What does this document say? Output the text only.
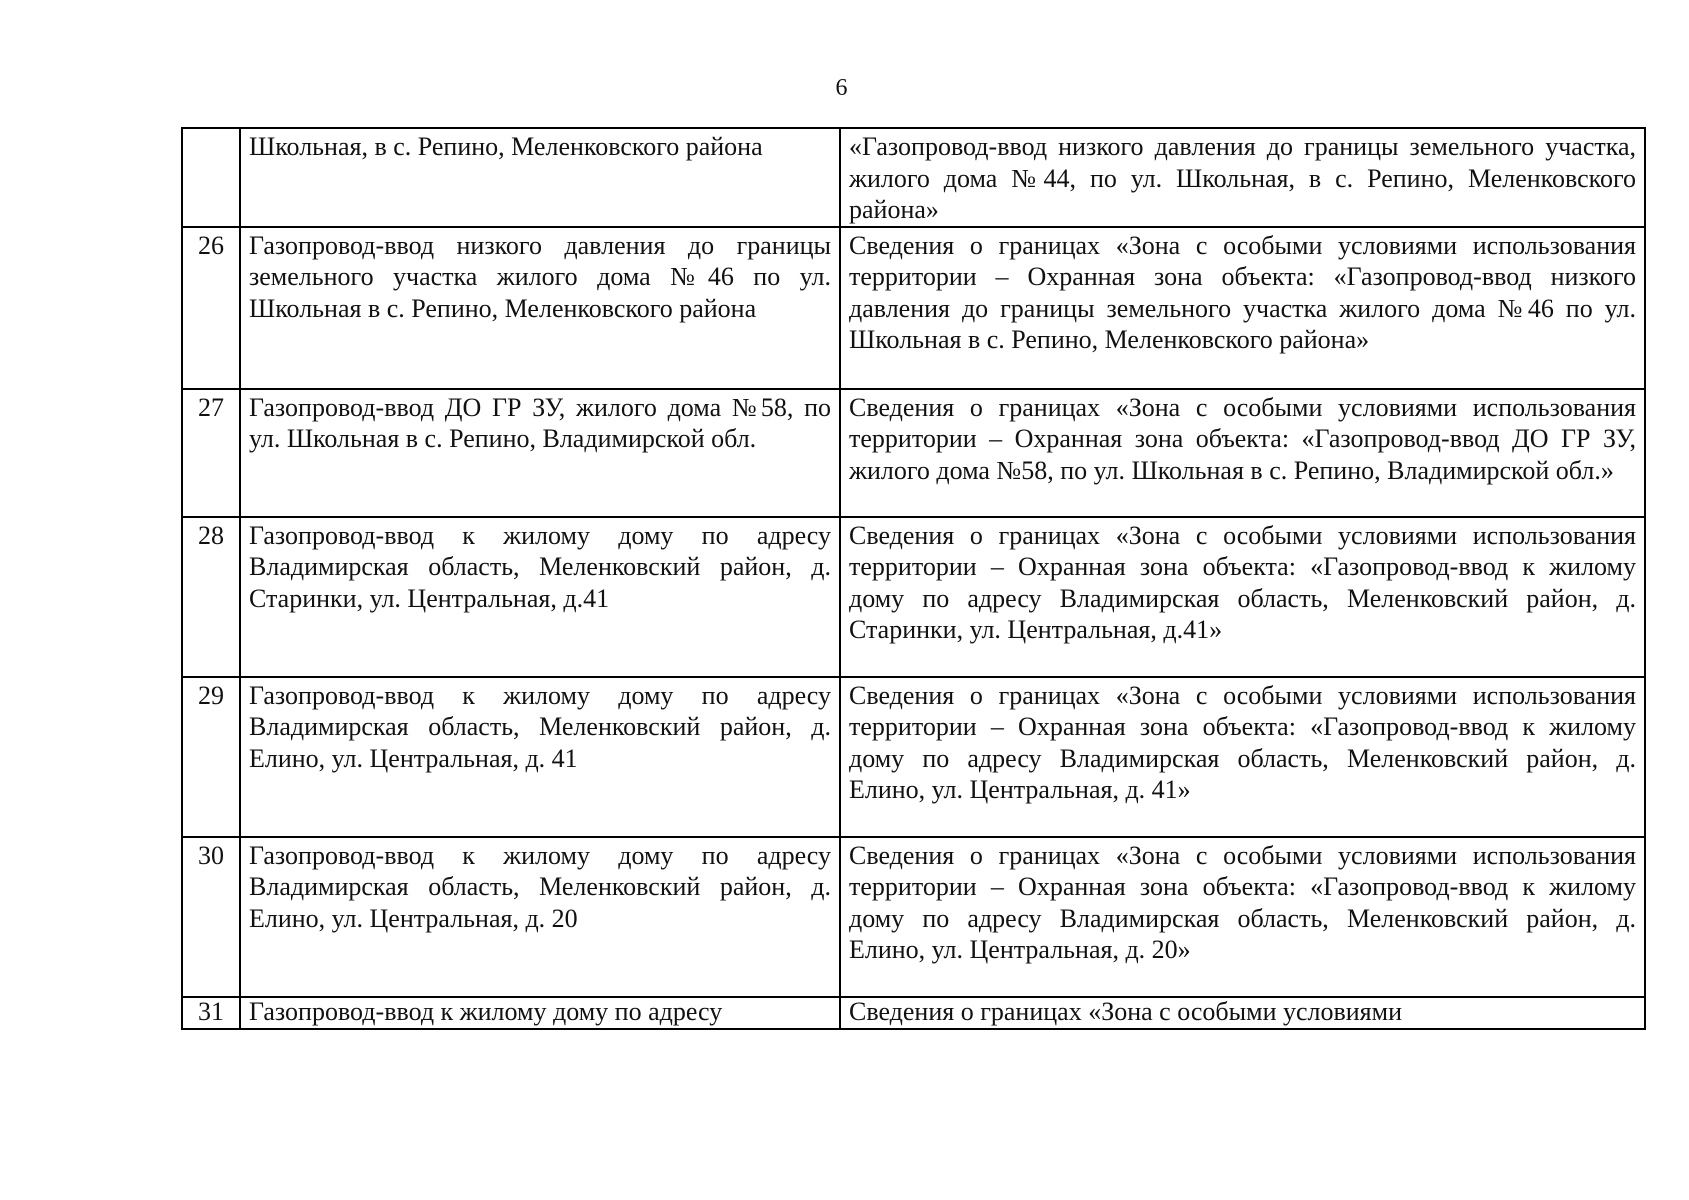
6
	Школьная, в с. Репино, Меленковского района	«Газопровод-ввод низкого давления до границы земельного участка, жилого дома №44, по ул. Школьная, в с. Репино, Меленковского района»
26	Газопровод-ввод низкого давления до границы земельного участка жилого дома №46 по ул. Школьная в с. Репино, Меленковского района	Сведения о границах «Зона с особыми условиями использования территории – Охранная зона объекта: «Газопровод-ввод низкого давления до границы земельного участка жилого дома №46 по ул. Школьная в с. Репино, Меленковского района»
27	Газопровод-ввод ДО ГР ЗУ, жилого дома №58, по ул. Школьная в с. Репино, Владимирской обл.	Сведения о границах «Зона с особыми условиями использования территории – Охранная зона объекта: «Газопровод-ввод ДО ГР ЗУ, жилого дома №58, по ул. Школьная в с. Репино, Владимирской обл.»
28	Газопровод-ввод к жилому дому по адресу Владимирская область, Меленковский район, д. Старинки, ул. Центральная, д.41	Сведения о границах «Зона с особыми условиями использования территории – Охранная зона объекта: «Газопровод-ввод к жилому дому по адресу Владимирская область, Меленковский район, д. Старинки, ул. Центральная, д.41»
29	Газопровод-ввод к жилому дому по адресу Владимирская область, Меленковский район, д. Елино, ул. Центральная, д. 41	Сведения о границах «Зона с особыми условиями использования территории – Охранная зона объекта: «Газопровод-ввод к жилому дому по адресу Владимирская область, Меленковский район, д. Елино, ул. Центральная, д. 41»
30	Газопровод-ввод к жилому дому по адресу Владимирская область, Меленковский район, д. Елино, ул. Центральная, д. 20	Сведения о границах «Зона с особыми условиями использования территории – Охранная зона объекта: «Газопровод-ввод к жилому дому по адресу Владимирская область, Меленковский район, д. Елино, ул. Центральная, д. 20»
31	Газопровод-ввод к жилому дому по адресу	Сведения о границах «Зона с особыми условиями
